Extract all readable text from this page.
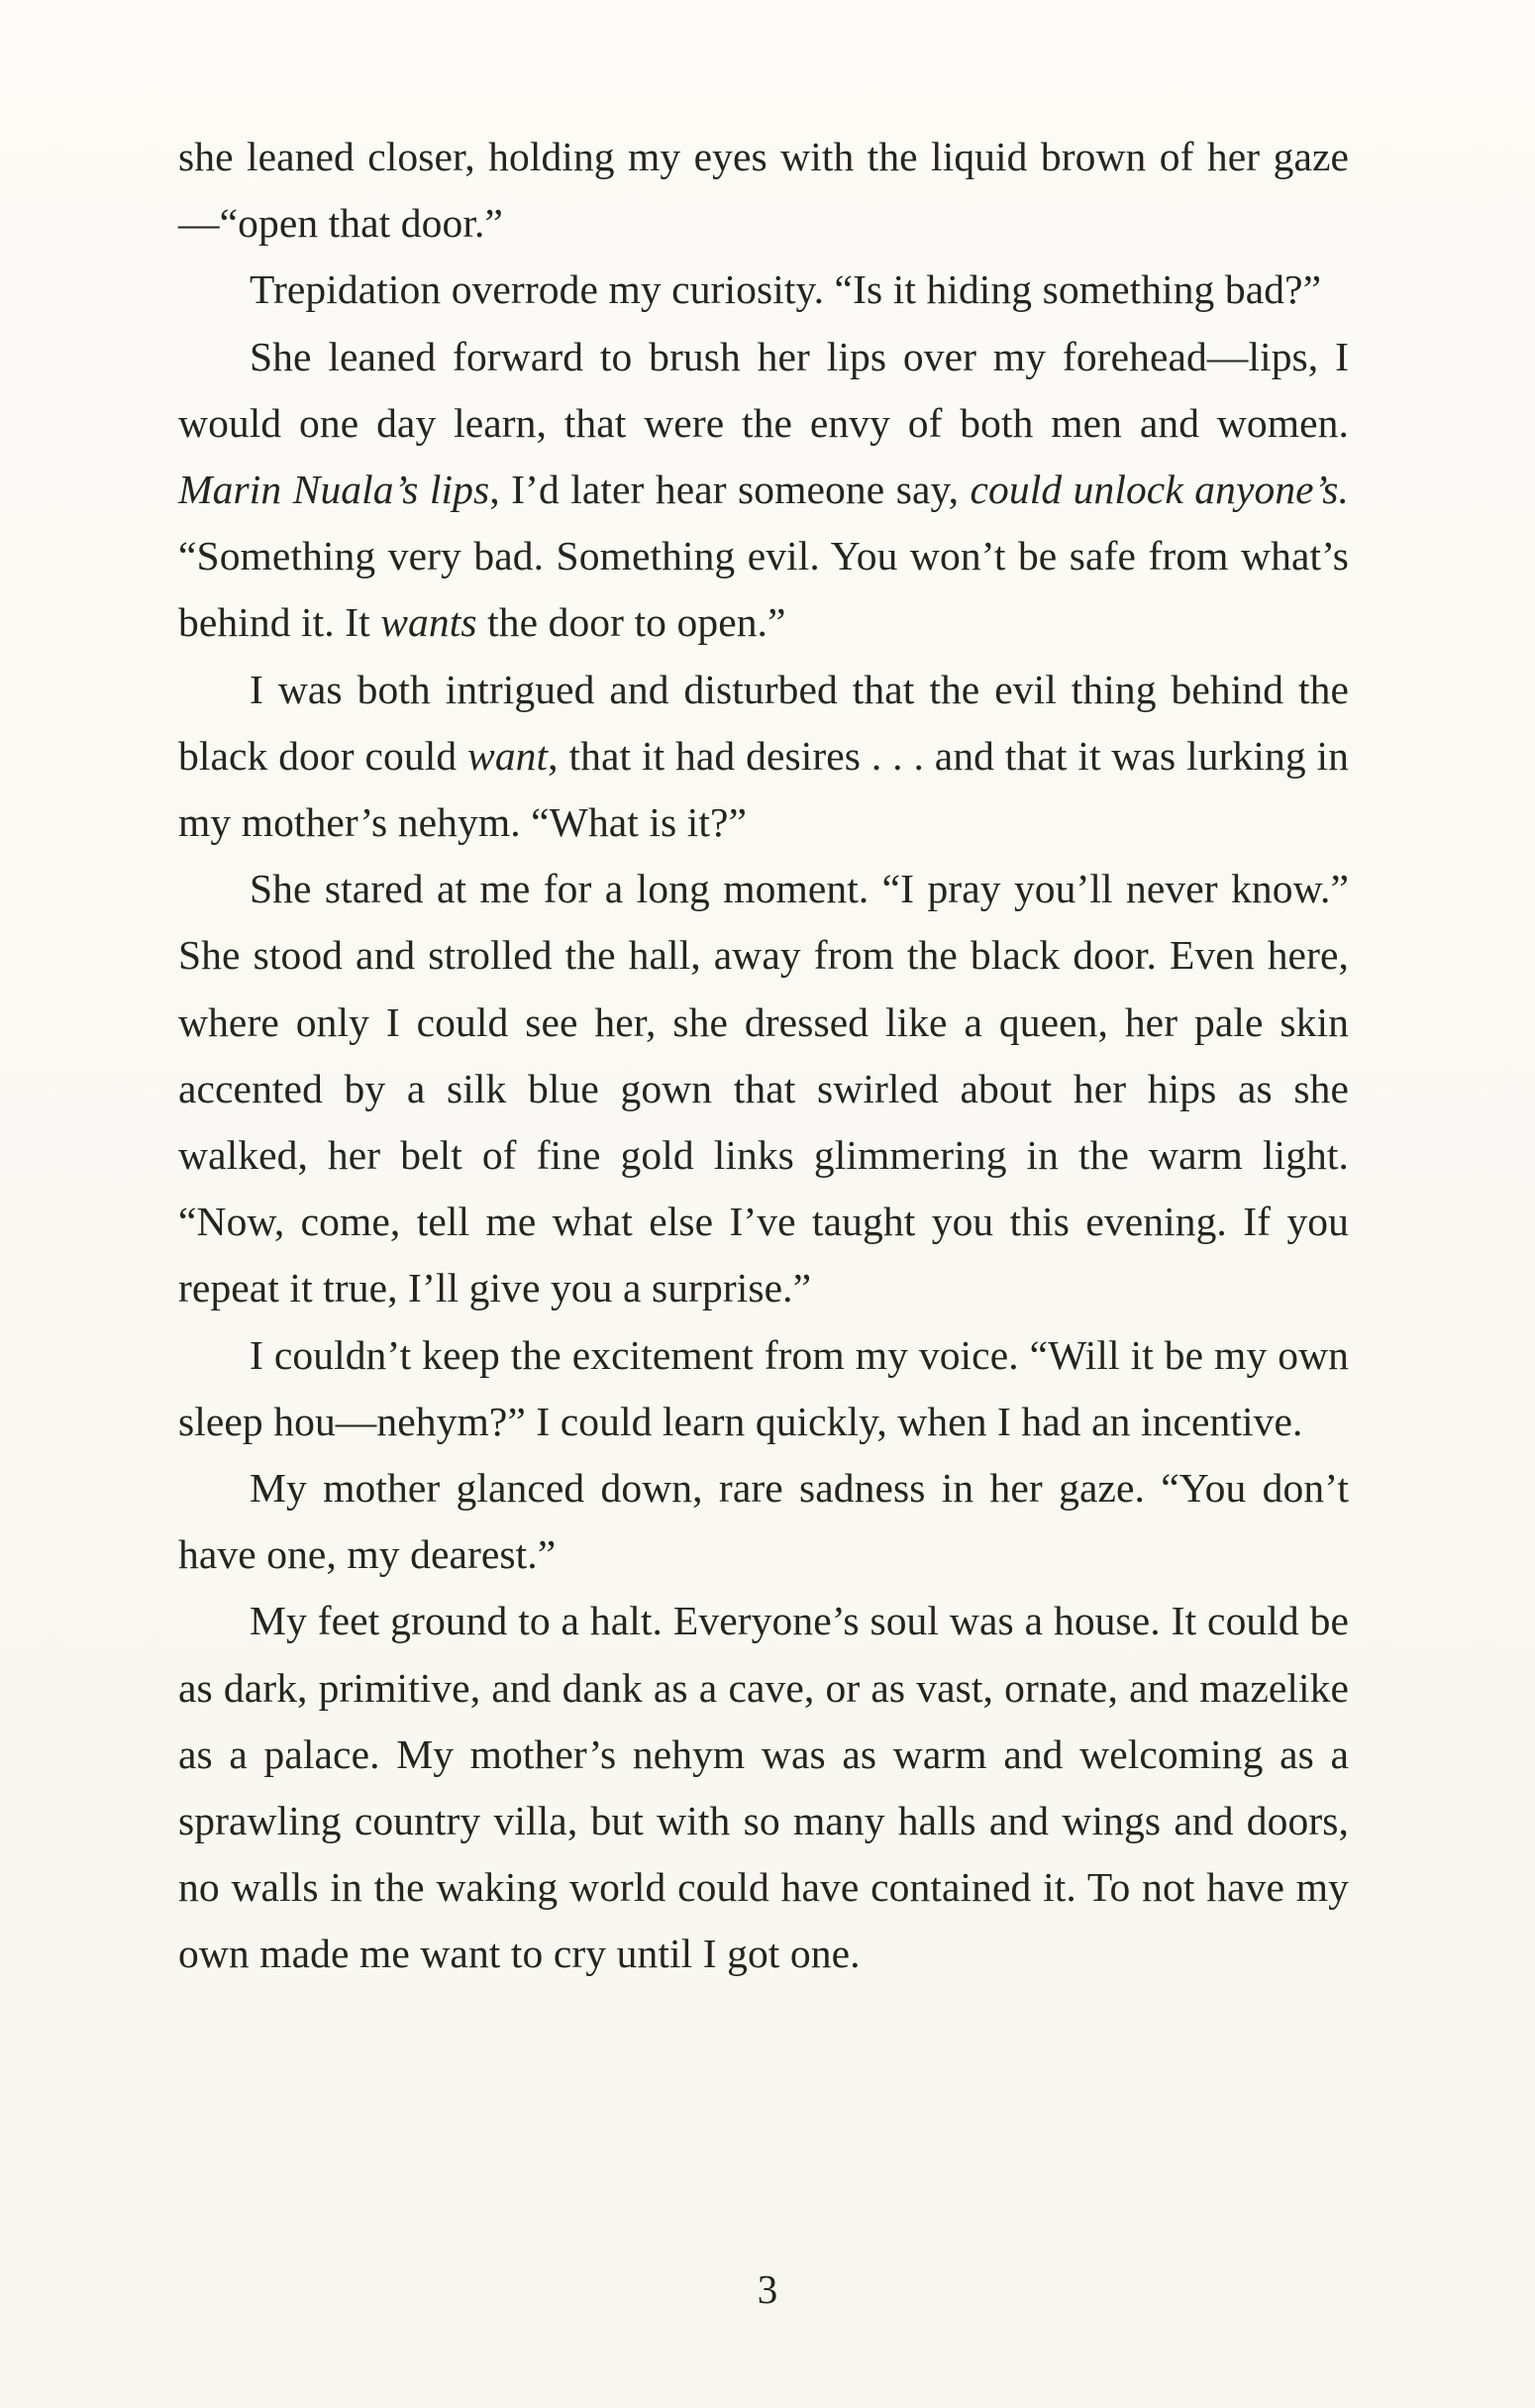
she leaned closer, holding my eyes with the liquid brown of her gaze—“open that door.”

Trepidation overrode my curiosity. “Is it hiding something bad?”

She leaned forward to brush her lips over my forehead—lips, I would one day learn, that were the envy of both men and women. Marin Nuala’s lips, I’d later hear someone say, could unlock anyone’s. “Something very bad. Something evil. You won’t be safe from what’s behind it. It wants the door to open.”

I was both intrigued and disturbed that the evil thing behind the black door could want, that it had desires . . . and that it was lurking in my mother’s nehym. “What is it?”

She stared at me for a long moment. “I pray you’ll never know.” She stood and strolled the hall, away from the black door. Even here, where only I could see her, she dressed like a queen, her pale skin accented by a silk blue gown that swirled about her hips as she walked, her belt of fine gold links glimmering in the warm light. “Now, come, tell me what else I’ve taught you this evening. If you repeat it true, I’ll give you a surprise.”

I couldn’t keep the excitement from my voice. “Will it be my own sleep hou—nehym?” I could learn quickly, when I had an incentive.

My mother glanced down, rare sadness in her gaze. “You don’t have one, my dearest.”

My feet ground to a halt. Everyone’s soul was a house. It could be as dark, primitive, and dank as a cave, or as vast, ornate, and mazelike as a palace. My mother’s nehym was as warm and welcoming as a sprawling country villa, but with so many halls and wings and doors, no walls in the waking world could have contained it. To not have my own made me want to cry until I got one.

3
